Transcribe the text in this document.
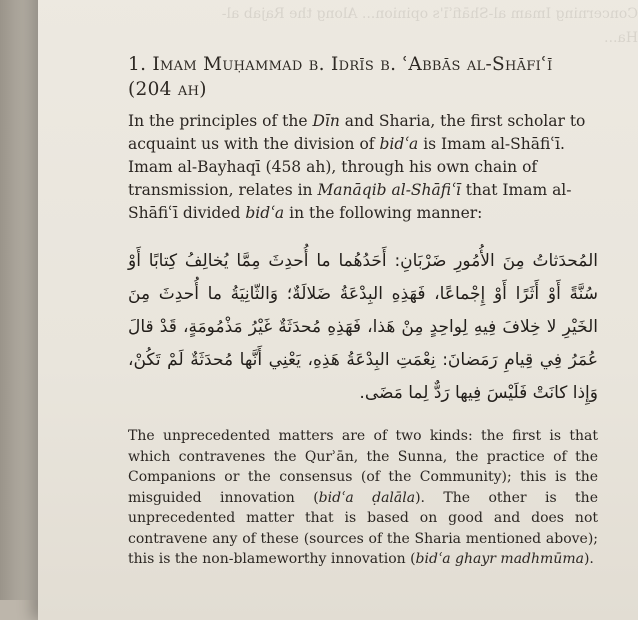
Concerning Imam al-Shāfiʿī's opinion... Along the Rajab al-
Ha...
1. Imam Muḥammad b. Idrīs b. ʿAbbās al-Shāfiʿī
(204 ah)

In the principles of the Dīn and Sharia, the first scholar to acquaint us with the division of bidʿa is Imam al-Shāfiʿī. Imam al-Bayhaqī (458 ah), through his own chain of transmission, relates in Manāqib al-Shāfiʿī that Imam al-Shāfiʿī divided bidʿa in the following manner:

المُحدَثاتُ مِنَ الأُمُورِ ضَرْبَانِ: أَحَدُهُما ما أُحدِثَ مِمَّا يُخالِفُ كِتابًا أَوْ سُنَّةً أَوْ أَثَرًا أَوْ إِجْماعًا، فَهَذِهِ البِدْعَةُ ضَلالَةٌ؛ وَالثّانِيَةُ ما أُحدِثَ مِنَ الخَيْرِ لا خِلافَ فِيهِ لِواحِدٍ مِنْ هَذا، فَهَذِهِ مُحدَثَةٌ غَيْرُ مَذْمُومَةٍ، قَدْ قالَ عُمَرُ فِي قِيامِ رَمَضانَ: نِعْمَتِ البِدْعَةُ هَذِهِ، يَعْنِي أَنَّها مُحدَثَةٌ لَمْ تَكُنْ، وَإِذا كانَتْ فَلَيْسَ فِيها رَدٌّ لِما مَضَى.

The unprecedented matters are of two kinds: the first is that which contravenes the Qurʾān, the Sunna, the practice of the Companions or the consensus (of the Community); this is the misguided innovation (bidʿa ḍalāla). The other is the unprecedented matter that is based on good and does not contravene any of these (sources of the Sharia mentioned above); this is the non-blameworthy innovation (bidʿa ghayr madhmūma).
